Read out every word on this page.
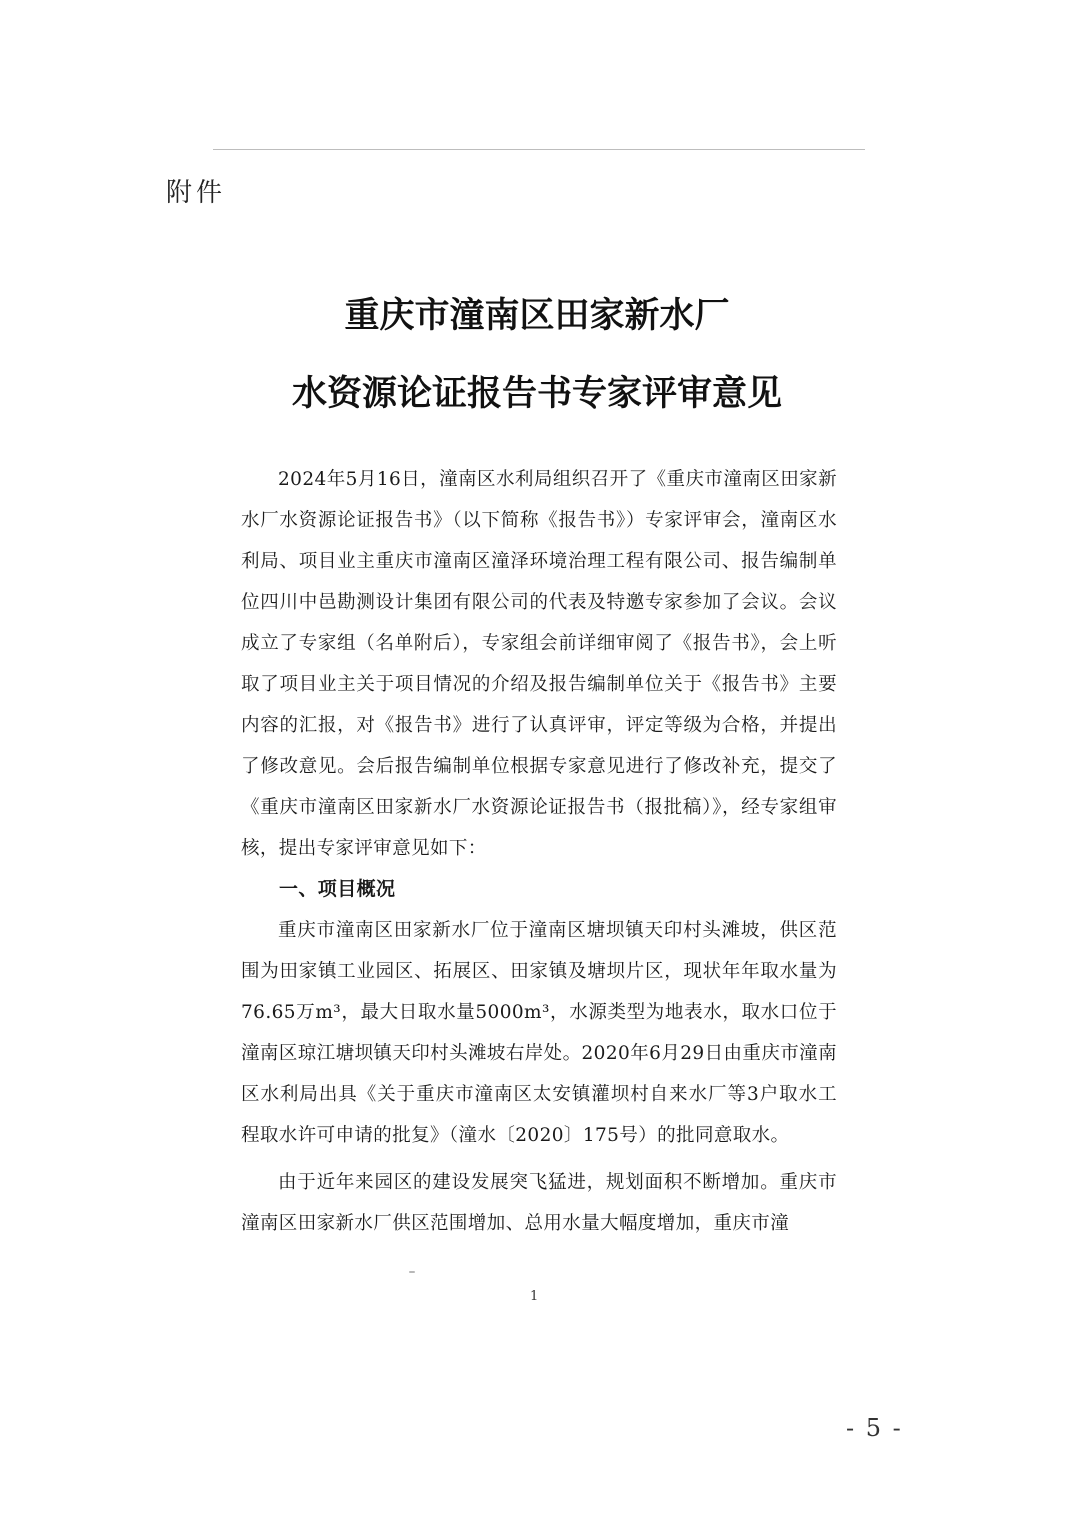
附件
重庆市潼南区田家新水厂
水资源论证报告书专家评审意见

2024年5月16日，潼南区水利局组织召开了《重庆市潼南区田家新水厂水资源论证报告书》（以下简称《报告书》）专家评审会，潼南区水利局、项目业主重庆市潼南区潼泽环境治理工程有限公司、报告编制单位四川中邑勘测设计集团有限公司的代表及特邀专家参加了会议。会议成立了专家组（名单附后），专家组会前详细审阅了《报告书》，会上听取了项目业主关于项目情况的介绍及报告编制单位关于《报告书》主要内容的汇报，对《报告书》进行了认真评审，评定等级为合格，并提出了修改意见。会后报告编制单位根据专家意见进行了修改补充，提交了《重庆市潼南区田家新水厂水资源论证报告书（报批稿）》，经专家组审核，提出专家评审意见如下：

一、项目概况

重庆市潼南区田家新水厂位于潼南区塘坝镇天印村头滩坡，供区范围为田家镇工业园区、拓展区、田家镇及塘坝片区，现状年年取水量为76.65万m³，最大日取水量5000m³，水源类型为地表水，取水口位于潼南区琼江塘坝镇天印村头滩坡右岸处。2020年6月29日由重庆市潼南区水利局出具《关于重庆市潼南区太安镇灌坝村自来水厂等3户取水工程取水许可申请的批复》（潼水〔2020〕175号）的批同意取水。

由于近年来园区的建设发展突飞猛进，规划面积不断增加。重庆市潼南区田家新水厂供区范围增加、总用水量大幅度增加，重庆市潼

1
- 5 -
